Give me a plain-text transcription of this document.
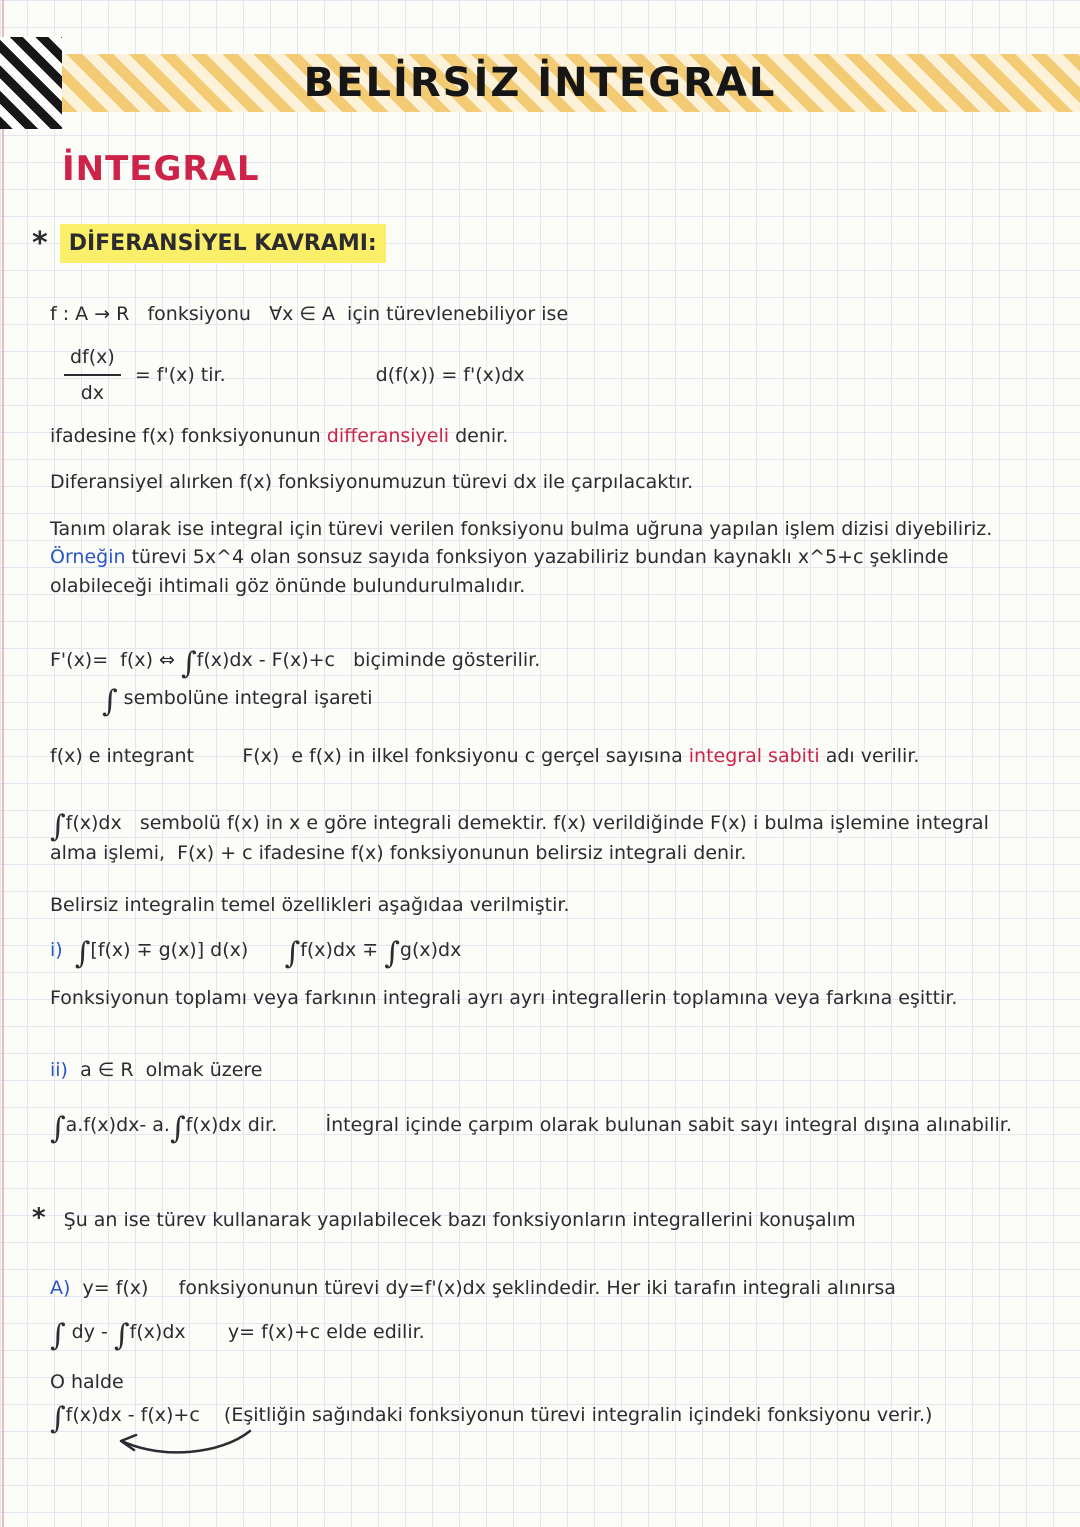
BELİRSİZ İNTEGRAL
İNTEGRAL
* DİFERANSİYEL KAVRAMI:

f : A → R   fonksiyonu   ∀x ∈ A  için türevlenebiliyor ise

$\frac{df(x)}{dx} = f'(x)$ tir.	d(f(x)) = f'(x)dx

ifadesine f(x) fonksiyonunun differansiyeli denir.

Diferansiyel alırken f(x) fonksiyonumuzun türevi dx ile çarpılacaktır.

Tanım olarak ise integral için türevi verilen fonksiyonu bulma uğruna yapılan işlem dizisi diyebiliriz. Örneğin türevi 5x^4 olan sonsuz sayıda fonksiyon yazabiliriz bundan kaynaklı x^5+c şeklinde olabileceği ihtimali göz önünde bulundurulmalıdır.

F'(x)=  f(x) ⇔ ∫f(x)dx - F(x)+c   biçiminde gösterilir.

∫ sembolüne integral işareti

f(x) e integrant        F(x)  e f(x) in ilkel fonksiyonu c gerçel sayısına integral sabiti adı verilir.

∫f(x)dx   sembolü f(x) in x e göre integrali demektir. f(x) verildiğinde F(x) i bulma işlemine integral alma işlemi,  F(x) + c ifadesine f(x) fonksiyonunun belirsiz integrali denir.

Belirsiz integralin temel özellikleri aşağıdaa verilmiştir.

i)  ∫[f(x) ∓ g(x)] d(x)      ∫f(x)dx ∓ ∫g(x)dx

Fonksiyonun toplamı veya farkının integrali ayrı ayrı integrallerin toplamına veya farkına eşittir.

ii)  a ∈ R  olmak üzere

∫a.f(x)dx- a.∫f(x)dx dir.        İntegral içinde çarpım olarak bulunan sabit sayı integral dışına alınabilir.

* Şu an ise türev kullanarak yapılabilecek bazı fonksiyonların integrallerini konuşalım

A)  y= f(x)     fonksiyonunun türevi dy=f'(x)dx şeklindedir. Her iki tarafın integrali alınırsa

∫ dy - ∫f(x)dx       y= f(x)+c elde edilir.

O halde

∫f(x)dx - f(x)+c    (Eşitliğin sağındaki fonksiyonun türevi integralin içindeki fonksiyonu verir.)
